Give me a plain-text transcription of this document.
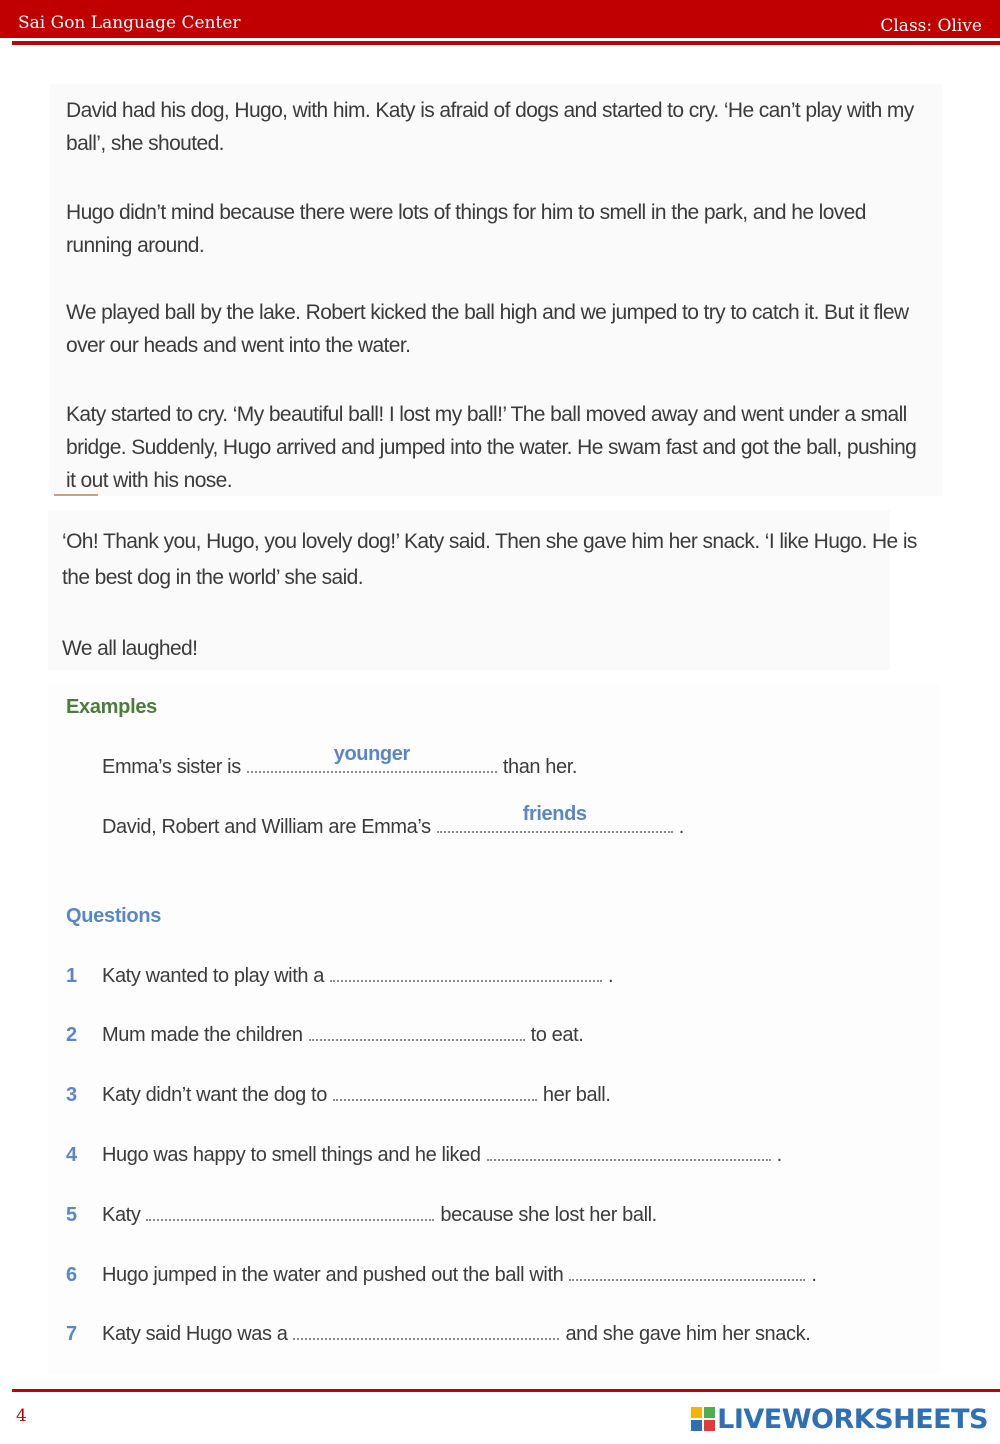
Sai Gon Language Center	Class: Olive

David had his dog, Hugo, with him. Katy is afraid of dogs and started to cry. ‘He can’t play with my ball’, she shouted.

Hugo didn’t mind because there were lots of things for him to smell in the park, and he loved running around.

We played ball by the lake. Robert kicked the ball high and we jumped to try to catch it. But it flew over our heads and went into the water.

Katy started to cry. ‘My beautiful ball! I lost my ball!’ The ball moved away and went under a small bridge. Suddenly, Hugo arrived and jumped into the water. He swam fast and got the ball, pushing it out with his nose.

‘Oh! Thank you, Hugo, you lovely dog!’ Katy said. Then she gave him her snack. ‘I like Hugo. He is the best dog in the world’ she said.

We all laughed!

Examples
Emma’s sister is
younger
than her.
David, Robert and William are Emma’s
friends
.
Questions
1 Katy wanted to play with a	.
2 Mum made the children	to eat.
3 Katy didn’t want the dog to	her ball.
4 Hugo was happy to smell things and he liked	.
5 Katy	because she lost her ball.
6 Hugo jumped in the water and pushed out the ball with	.
7 Katy said Hugo was a	and she gave him her snack.
4	LIVEWORKSHEETS
